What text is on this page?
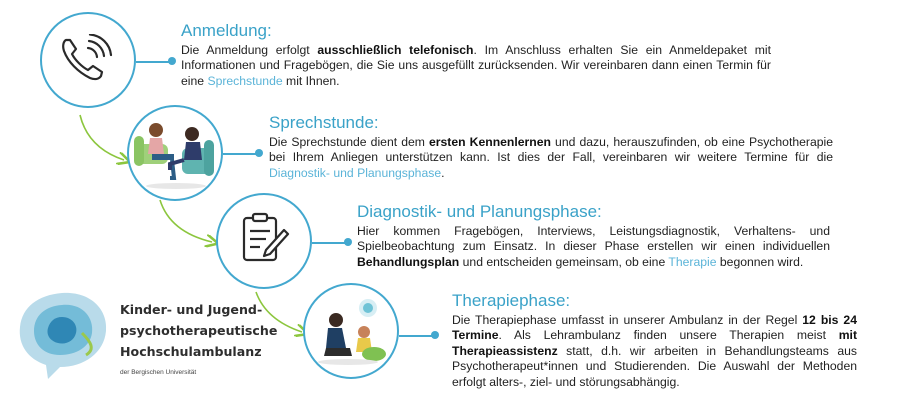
Anmeldung:

Die Anmeldung erfolgt ausschließlich telefonisch. Im Anschluss erhalten Sie ein Anmeldepaket mit Informationen und Fragebögen, die Sie uns ausgefüllt zurücksenden. Wir vereinbaren dann einen Termin für eine Sprechstunde mit Ihnen.

Sprechstunde:

Die Sprechstunde dient dem ersten Kennenlernen und dazu, herauszufinden, ob eine Psychotherapie bei Ihrem Anliegen unterstützen kann. Ist dies der Fall, vereinbaren wir weitere Termine für die Diagnostik- und Planungsphase.

Diagnostik- und Planungsphase:

Hier kommen Fragebögen, Interviews, Leistungsdiagnostik, Verhaltens- und Spielbeobachtung zum Einsatz. In dieser Phase erstellen wir einen individuellen Behandlungsplan und entscheiden gemeinsam, ob eine Therapie begonnen wird.

Therapiephase:

Die Therapiephase umfasst in unserer Ambulanz in der Regel 12 bis 24 Termine. Als Lehrambulanz finden unsere Therapien meist mit Therapieassistenz statt, d.h. wir arbeiten in Behandlungsteams aus Psychotherapeut*innen und Studierenden. Die Auswahl der Methoden erfolgt alters-, ziel- und störungsabhängig.

Kinder- und Jugend-
psychotherapeutische
Hochschulambulanz
der Bergischen Universität
